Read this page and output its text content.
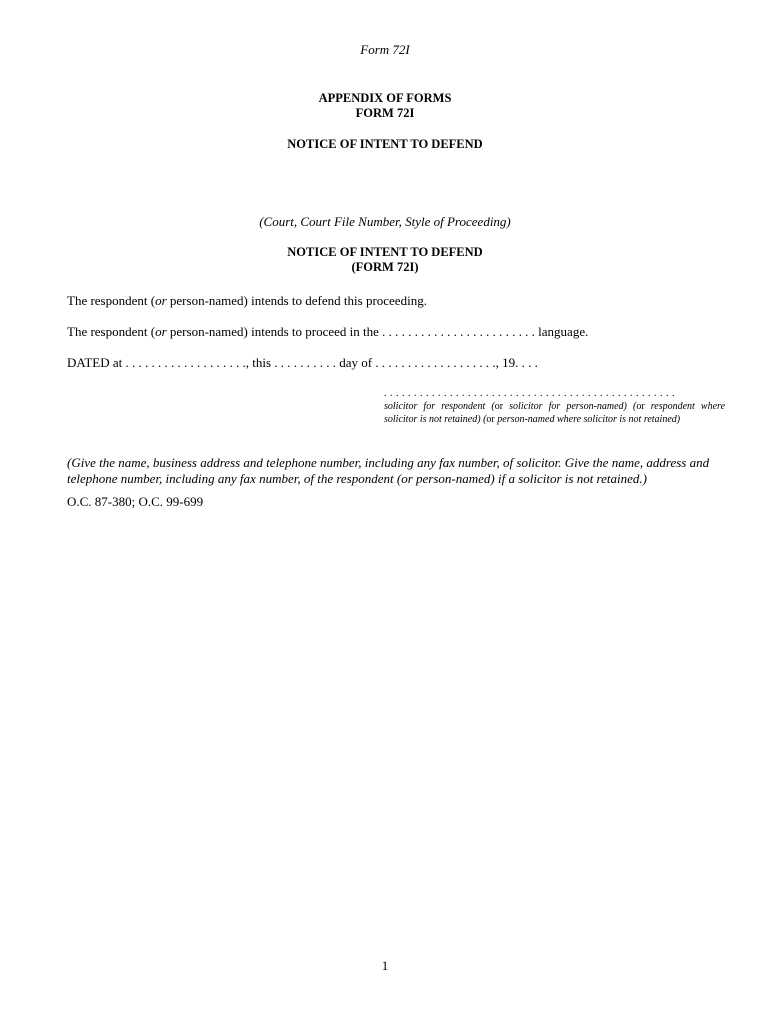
Form 72I
APPENDIX OF FORMS
FORM 72I
NOTICE OF INTENT TO DEFEND
(Court, Court File Number, Style of Proceeding)
NOTICE OF INTENT TO DEFEND
(FORM 72I)
The respondent (or person-named) intends to defend this proceeding.
The respondent (or person-named) intends to proceed in the . . . . . . . . . . . . . . . . . . . . . . . . language.
DATED at . . . . . . . . . . . . . . . . . . ., this . . . . . . . . . . day of . . . . . . . . . . . . . . . . . . ., 19. . . .
. . . . . . . . . . . . . . . . . . . . . . . . . . . . . . . . . . . . . . . . . . . . . . . . .
solicitor for respondent (or solicitor for person-named) (or respondent where solicitor is not retained) (or person-named where solicitor is not retained)
(Give the name, business address and telephone number, including any fax number, of solicitor. Give the name, address and telephone number, including any fax number, of the respondent (or person-named) if a solicitor is not retained.)
O.C. 87-380; O.C. 99-699
1
